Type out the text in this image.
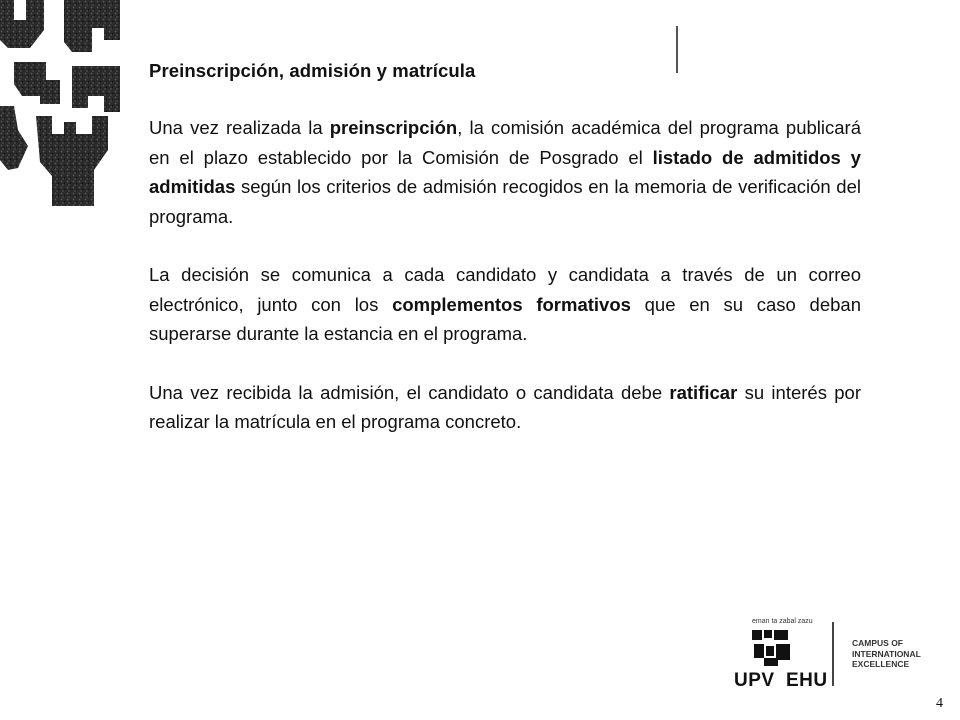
Preinscripción, admisión y matrícula

Una vez realizada la preinscripción, la comisión académica del programa publicará en el plazo establecido por la Comisión de Posgrado el listado de admitidos y admitidas según los criterios de admisión recogidos en la memoria de verificación del programa.

La decisión se comunica a cada candidato y candidata a través de un correo electrónico, junto con los complementos formativos que en su caso deban superarse durante la estancia en el programa.

Una vez recibida la admisión, el candidato o candidata debe ratificar su interés por realizar la matrícula en el programa concreto.

eman ta zabal zazu
UPV EHU
CAMPUS OF
INTERNATIONAL
EXCELLENCE
4
